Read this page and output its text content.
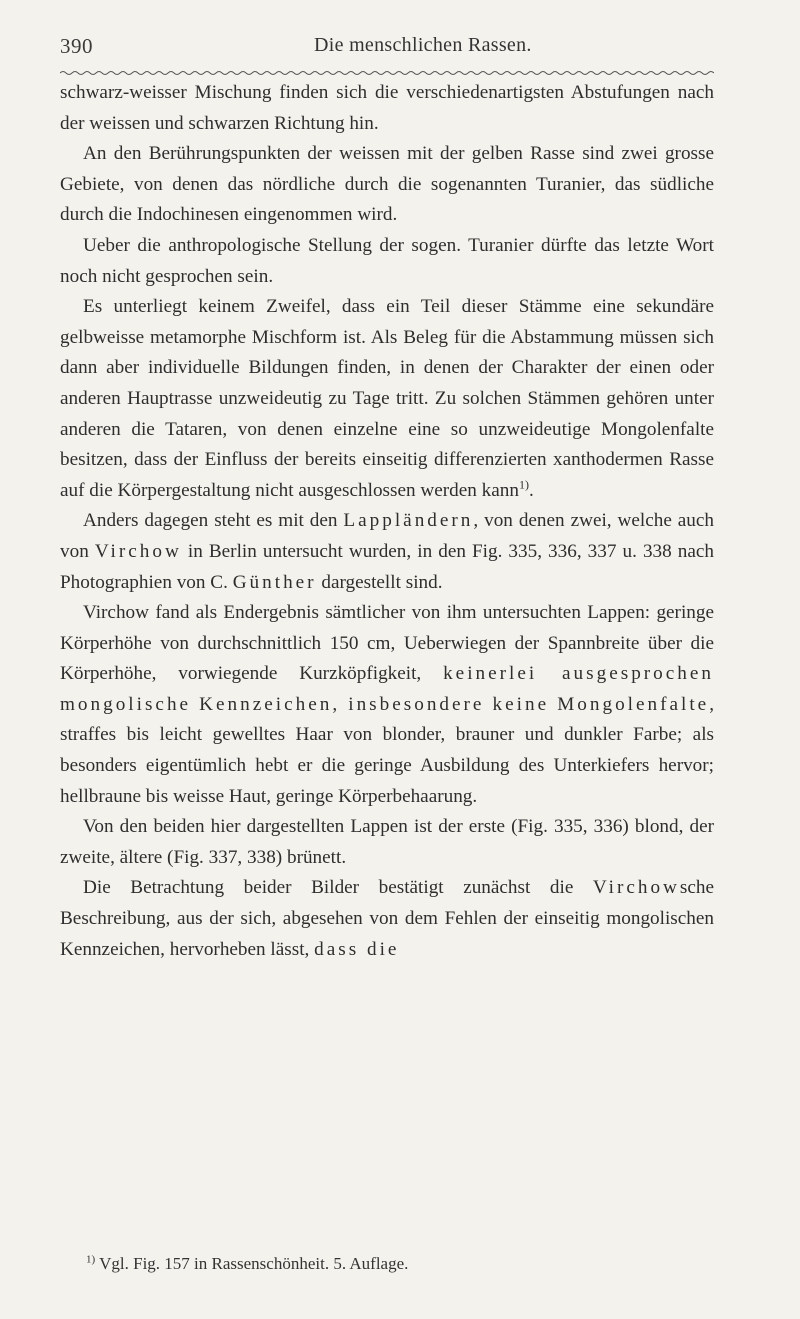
390	Die menschlichen Rassen.

schwarz-weisser Mischung finden sich die verschiedenartigsten Abstufungen nach der weissen und schwarzen Richtung hin.

An den Berührungspunkten der weissen mit der gelben Rasse sind zwei grosse Gebiete, von denen das nördliche durch die sogenannten Turanier, das südliche durch die Indochinesen eingenommen wird.

Ueber die anthropologische Stellung der sogen. Turanier dürfte das letzte Wort noch nicht gesprochen sein.

Es unterliegt keinem Zweifel, dass ein Teil dieser Stämme eine sekundäre gelbweisse metamorphe Mischform ist. Als Beleg für die Abstammung müssen sich dann aber individuelle Bildungen finden, in denen der Charakter der einen oder anderen Hauptrasse unzweideutig zu Tage tritt. Zu solchen Stämmen gehören unter anderen die Tataren, von denen einzelne eine so unzweideutige Mongolenfalte besitzen, dass der Einfluss der bereits einseitig differenzierten xanthodermen Rasse auf die Körpergestaltung nicht ausgeschlossen werden kann$^{1)}$.

Anders dagegen steht es mit den Lappländern, von denen zwei, welche auch von Virchow in Berlin untersucht wurden, in den Fig. 335, 336, 337 u. 338 nach Photographien von C. Günther dargestellt sind.

Virchow fand als Endergebnis sämtlicher von ihm untersuchten Lappen: geringe Körperhöhe von durchschnittlich 150 cm, Ueberwiegen der Spannbreite über die Körperhöhe, vorwiegende Kurzköpfigkeit, keinerlei ausgesprochen mongolische Kennzeichen, insbesondere keine Mongolenfalte, straffes bis leicht gewelltes Haar von blonder, brauner und dunkler Farbe; als besonders eigentümlich hebt er die geringe Ausbildung des Unterkiefers hervor; hellbraune bis weisse Haut, geringe Körperbehaarung.

Von den beiden hier dargestellten Lappen ist der erste (Fig. 335, 336) blond, der zweite, ältere (Fig. 337, 338) brünett.

Die Betrachtung beider Bilder bestätigt zunächst die Virchowsche Beschreibung, aus der sich, abgesehen von dem Fehlen der einseitig mongolischen Kennzeichen, hervorheben lässt, dass die

$^{1)}$ Vgl. Fig. 157 in Rassenschönheit. 5. Auflage.
